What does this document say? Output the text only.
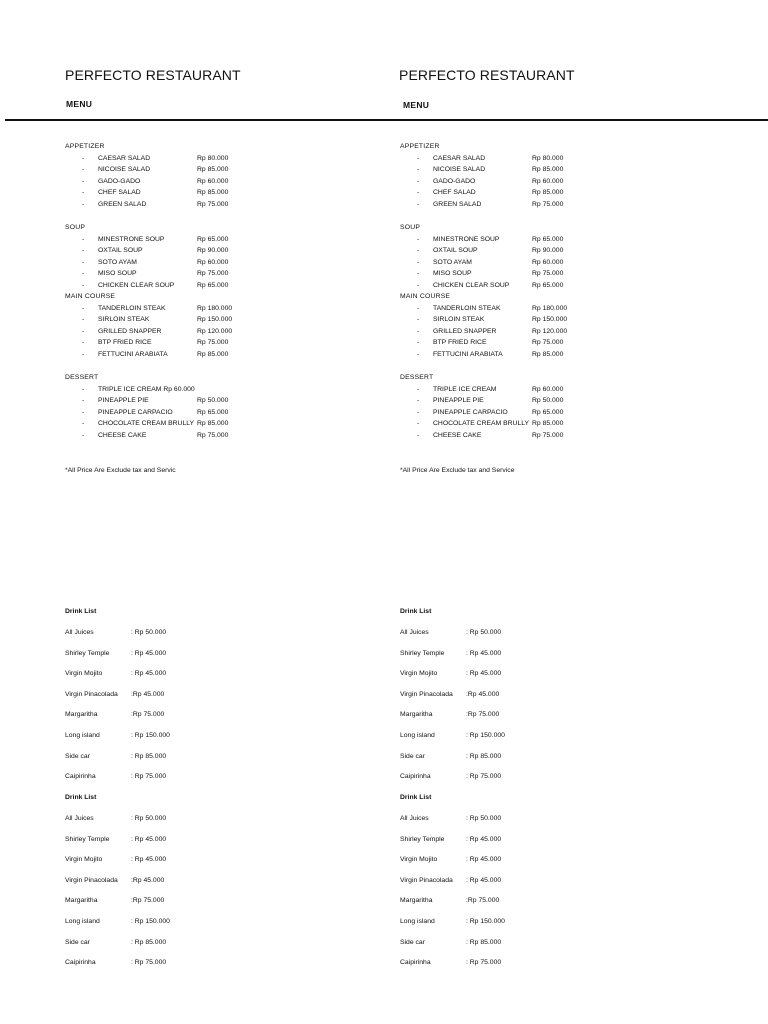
PERFECTO RESTAURANT	PERFECTO RESTAURANT
MENU	MENU
APPETIZER
- CAESAR SALAD	Rp 80.000
- NICOISE SALAD	Rp 85.000
- GADO-GADO	Rp 60.000
- CHEF SALAD	Rp 85.000
- GREEN SALAD	Rp 75.000
SOUP
- MINESTRONE SOUP	Rp 65.000
- OXTAIL SOUP	Rp 90.000
- SOTO AYAM	Rp 60.000
- MISO SOUP	Rp 75.000
- CHICKEN CLEAR SOUP	Rp 65.000
MAIN COURSE
- TANDERLOIN STEAK	Rp 180.000
- SIRLOIN STEAK	Rp 150.000
- GRILLED SNAPPER	Rp 120.000
- BTP FRIED RICE	Rp 75.000
- FETTUCINI ARABIATA	Rp 85.000
DESSERT
- TRIPLE ICE CREAM Rp 60.000
- PINEAPPLE PIE	Rp 50.000
- PINEAPPLE CARPACIO	Rp 65.000
- CHOCOLATE CREAM BRULLY Rp 85.000
- CHEESE CAKE	Rp 75.000
APPETIZER
- CAESAR SALAD	Rp 80.000
- NICOISE SALAD	Rp 85.000
- GADO-GADO	Rp 60.000
- CHEF SALAD	Rp 85.000
- GREEN SALAD	Rp 75.000
SOUP
- MINESTRONE SOUP	Rp 65.000
- OXTAIL SOUP	Rp 90.000
- SOTO AYAM	Rp 60.000
- MISO SOUP	Rp 75.000
- CHICKEN CLEAR SOUP	Rp 65.000
MAIN COURSE
- TANDERLOIN STEAK	Rp 180.000
- SIRLOIN STEAK	Rp 150.000
- GRILLED SNAPPER	Rp 120.000
- BTP FRIED RICE	Rp 75.000
- FETTUCINI ARABIATA	Rp 85.000
DESSERT
- TRIPLE ICE CREAM	Rp 60.000
- PINEAPPLE PIE	Rp 50.000
- PINEAPPLE CARPACIO	Rp 65.000
- CHOCOLATE CREAM BRULLY Rp 85.000
- CHEESE CAKE	Rp 75.000
*All Price Are Exclude tax and Servic	*All Price Are Exclude tax and Service
Drink List
All Juices	: Rp 50.000
Shirley Temple	: Rp 45.000
Virgin Mojito	: Rp 45.000
Virgin Pinacolada :Rp 45.000
Margaritha	:Rp 75.000
Long island	: Rp 150.000
Side car	: Rp 85.000
Caipirinha	: Rp 75.000
Drink List
All Juices	: Rp 50.000
Shirley Temple	: Rp 45.000
Virgin Mojito	: Rp 45.000
Virgin Pinacolada :Rp 45.000
Margaritha	:Rp 75.000
Long island	: Rp 150.000
Side car	: Rp 85.000
Caipirinha	: Rp 75.000
Drink List
All Juices	: Rp 50.000
Shirley Temple	: Rp 45.000
Virgin Mojito	: Rp 45.000
Virgin Pinacolada :Rp 45.000
Margaritha	:Rp 75.000
Long island	: Rp 150.000
Side car	: Rp 85.000
Caipirinha	: Rp 75.000
Drink List
All Juices	: Rp 50.000
Shirley Temple	: Rp 45.000
Virgin Mojito	: Rp 45.000
Virgin Pinacolada : Rp 45.000
Margaritha	:Rp 75.000
Long island	: Rp 150.000
Side car	: Rp 85.000
Caipirinha	: Rp 75.000
